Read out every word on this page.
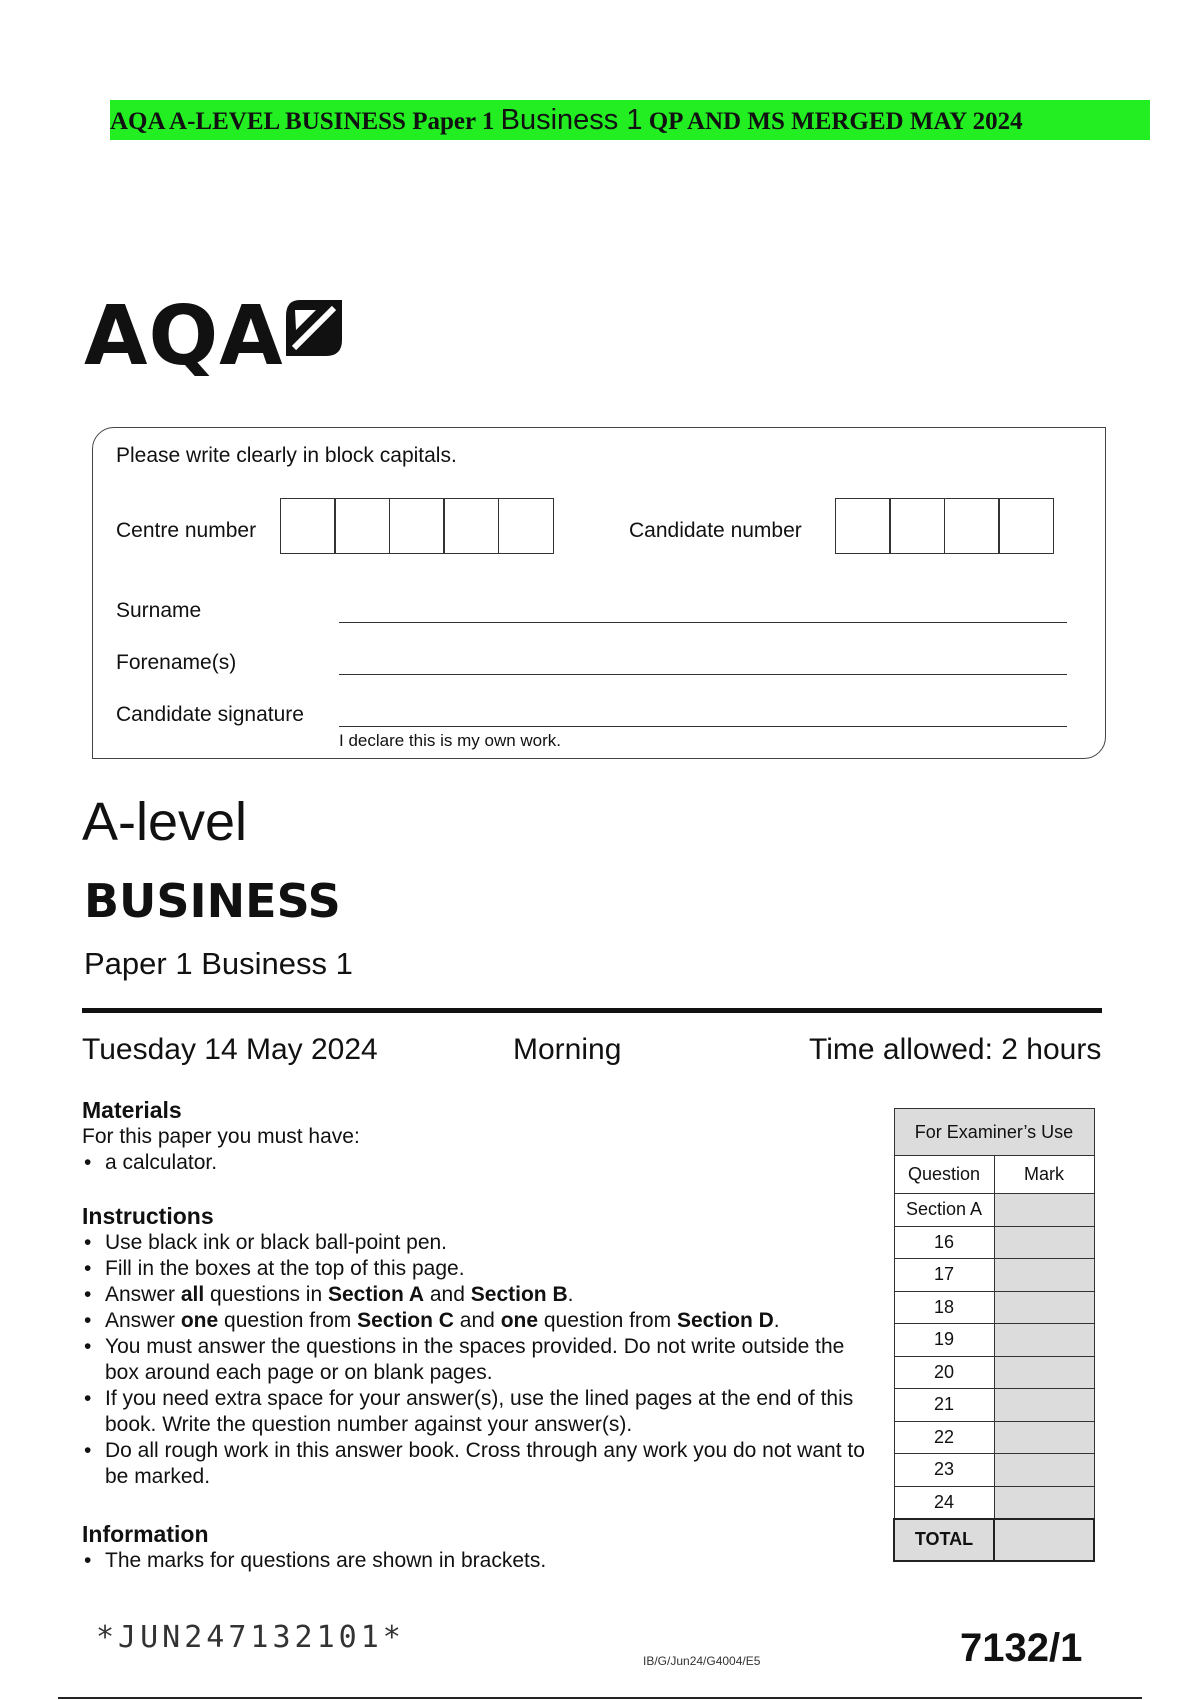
AQA A-LEVEL BUSINESS Paper 1 Business 1 QP AND MS MERGED MAY 2024
AQA
Please write clearly in block capitals.
Centre number	Candidate number
Surname
Forename(s)
Candidate signature
I declare this is my own work.
A-level
BUSINESS
Paper 1 Business 1
Tuesday 14 May 2024	Morning	Time allowed: 2 hours
Materials
For this paper you must have:
• a calculator.
Instructions
• Use black ink or black ball-point pen.
• Fill in the boxes at the top of this page.
• Answer all questions in Section A and Section B.
• Answer one question from Section C and one question from Section D.
• You must answer the questions in the spaces provided. Do not write outside the box around each page or on blank pages.
• If you need extra space for your answer(s), use the lined pages at the end of this book. Write the question number against your answer(s).
• Do all rough work in this answer book. Cross through any work you do not want to be marked.
Information
• The marks for questions are shown in brackets.
For Examiner’s Use	
Question	Mark
Section A	
16	
17	
18	
19	
20	
21	
22	
23	
24	
TOTAL	
*JUN247132101*
IB/G/Jun24/G4004/E5	7132/1
